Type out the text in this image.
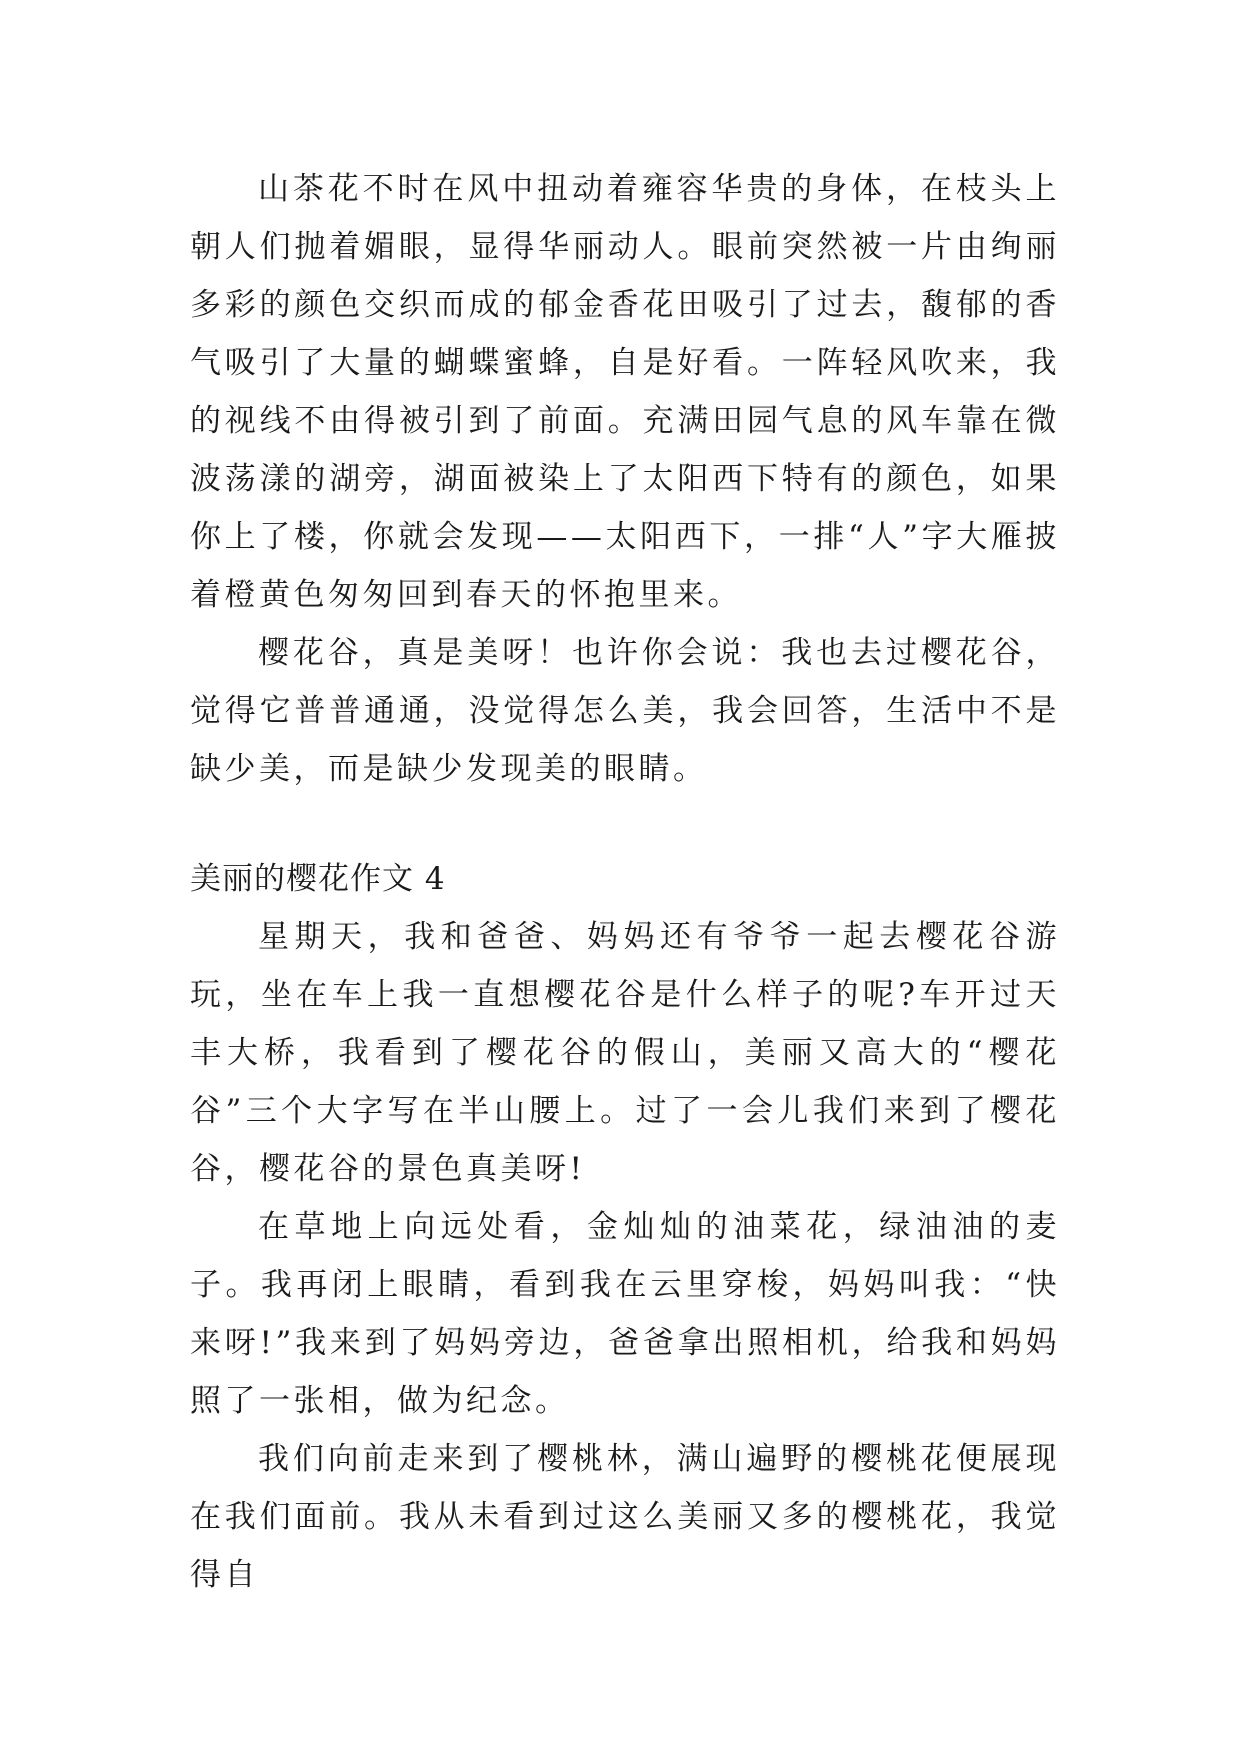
山茶花不时在风中扭动着雍容华贵的身体，在枝头上朝人们抛着媚眼，显得华丽动人。眼前突然被一片由绚丽多彩的颜色交织而成的郁金香花田吸引了过去，馥郁的香气吸引了大量的蝴蝶蜜蜂，自是好看。一阵轻风吹来，我的视线不由得被引到了前面。充满田园气息的风车靠在微波荡漾的湖旁，湖面被染上了太阳西下特有的颜色，如果你上了楼，你就会发现——太阳西下，一排“人”字大雁披着橙黄色匆匆回到春天的怀抱里来。

樱花谷，真是美呀！也许你会说：我也去过樱花谷，觉得它普普通通，没觉得怎么美，我会回答，生活中不是缺少美，而是缺少发现美的眼睛。

美丽的樱花作文 4

星期天，我和爸爸、妈妈还有爷爷一起去樱花谷游玩，坐在车上我一直想樱花谷是什么样子的呢?车开过天丰大桥，我看到了樱花谷的假山，美丽又高大的“樱花谷”三个大字写在半山腰上。过了一会儿我们来到了樱花谷，樱花谷的景色真美呀!

在草地上向远处看，金灿灿的油菜花，绿油油的麦子。我再闭上眼睛，看到我在云里穿梭，妈妈叫我：“快来呀!”我来到了妈妈旁边，爸爸拿出照相机，给我和妈妈照了一张相，做为纪念。

我们向前走来到了樱桃林，满山遍野的樱桃花便展现在我们面前。我从未看到过这么美丽又多的樱桃花，我觉得自
